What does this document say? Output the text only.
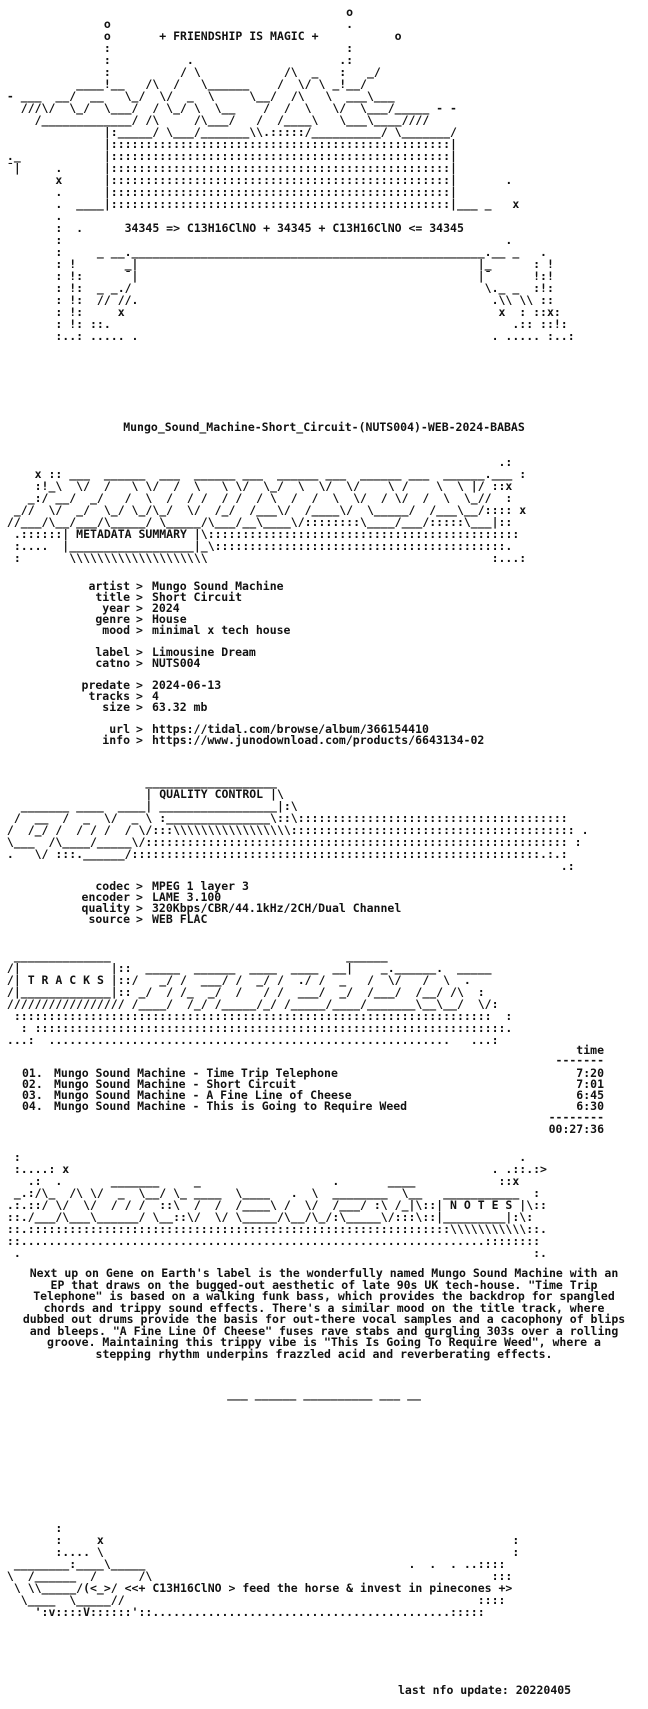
o
o                                  .
o	+ FRIENDSHIP IS MAGIC +	o
:                                  :
:           .                     .:
:          / \            /\  _   :   _/
____!__   /\  /   \______    /  \/ \ _!__/
- ___  __/  __   \_/  \/  _  \     \__/  /\   \  ___\___
///\/  \_/  \___/  / \_/ \  \__    /  /  \   \/  \___/_____ - -
/_____________/ /\     /\___/   /  /____\   \___\____////
|:_____/ \___/_______\\.:::::/__________/ \_______/
|:::::::::::::::::::::::::::::::::::::::::::::::::|
._            |:::::::::::::::::::::::::::::::::::::::::::::::::|
¯|     .      |:::::::::::::::::::::::::::::::::::::::::::::::::|
x      |:::::::::::::::::::::::::::::::::::::::::::::::::|       .
.      |:::::::::::::::::::::::::::::::::::::::::::::::::|
.  ____|:::::::::::::::::::::::::::::::::::::::::::::::::|___ _   x
.
:  .	34345 => C13H16ClNO + 34345 + C13H16ClNO <= 34345
:                                                                .
:     _ __.___________________________________________________.__ _   .
: !       _|                                                 |_      : !
: !:      ¯|                                                 |¯      !:!
: !:  _ _./                                                   \._ _  :!:
: !:  // //.                                                   .\\ \\ ::
: !:     x                                                      x  : ::x:
: !: ::.                                                          .:: ::!:
:..: ..... .                                                   . ..... :..:
Mungo_Sound_Machine-Short_Circuit-(NUTS004)-WEB-2024-BABAS
.:
x :: ___  ______  ___  ______ ___  ______ ___  ______ ___  ______.___ :
:!_\  \/  /   \ \/  /  \   \ \/  \_/  \  \/  \/    \ /    \  \ |/ ::x
_:/ __/  _/   /  \  /  / /  / /  / \  /  /  \  \/  / \/  /  \  \_//  :
_//  \/  _/  \_/ \_/\_/  \/  /_/  /___\/  /____\/  \_____/  /___\__/:::: x
//___/\__/___/\_____/ \_____/\___/__\____\/::::::::\____/___/:::::\___|::
.::::::| METADATA SUMMARY |\:::::::::::::::::::::::::::::::::::::::::::::
:....  |__________________|_\::::::::::::::::::::::::::::::::::::::::::.
:       \\\\\\\\\\\\\\\\\\\\                                         :...:
artist > Mungo Sound Machine
title > Short Circuit
year > 2024
genre > House
mood > minimal x tech house
label > Limousine Dream
catno > NUTS004
predate > 2024-06-13
tracks > 4
size > 63.32 mb
url > https://tidal.com/browse/album/366154410
info > https://www.junodownload.com/products/6643134-02
___________________
| QUALITY CONTROL |\
_______ ____  ____| _________________|:\
/  __  /  _  \/  _ \ :_______________\::\:::::::::::::::::::::::::::::::::::::::
/  /_/ /  / / /  / \/:::\\\\\\\\\\\\\\\\\::::::::::::::::::::::::::::::::::::::::: .
\___  /\____/_____\/::::::::::::::::::::::::::::::::::::::::::::::::::::::::::::: :
.   \/ :::.______/:::::::::::::::::::::::::::::::::::::::::::::::::::::::::::.:.:
.:
codec > MPEG 1 layer 3
encoder > LAME 3.100
quality > 320Kbps/CBR/44.1kHz/2CH/Dual Channel
source > WEB FLAC
______________                                  ______
/|             |::  _____  ______  ____  ____  __|    _.______.  _____
/| T R A C K S |::/   _/ /  ___/ /  _/ /  ./ /  _   /  \/   /  \  .
/|_____________|:: _/  / /_  _/  /   / /  ___/  _/  /___/  /__/ /\  :
///////////////// /____/  /_/ /_____/_/ /_____/____/_______\__\__/  \/:
:::::::::::::::::::::::::::::::::::::::::::::::::::::::::::::::::::::  :
: ::::::::::::::::::::::::::::::::::::::::::::::::::::::::::::::::::::.
...:  ..........................................................   ...:
time
-------
01. Mungo Sound Machine - Time Trip Telephone	7:20
02. Mungo Sound Machine - Short Circuit	7:01
03. Mungo Sound Machine - A Fine Line of Cheese	6:45
04. Mungo Sound Machine - This is Going to Require Weed	6:30
--------
00:27:36
:                                                                        .
:....: x                                                             . .::.:>
.:  .       _______     _                   .       ____            ::x
_.:/\_  /\ \/  _  \__/ \_ ____  \____   .  \  ________  \__   ___________  :
.:.::/ \/  \/  / / /  ::\  /  /  /____\ /  \/  /___/ :\ /_|\::| N O T E S |\::
::./___/\___\______/ \__::\/  \/ \_____/\__/\_/:\_____\/:::\::|_________|:\:
::.:::::::::::::::::::::::::::::::::::::::::::::::::::::::::::::\\\\\\\\\\\::.
::...................................................................::::::::
.                                                                          :.
Next up on Gene on Earth's label is the wonderfully named Mungo Sound Machine with an EP that draws on the bugged-out aesthetic of late 90s UK tech-house. "Time Trip Telephone" is based on a walking funk bass, which provides the backdrop for spangled chords and trippy sound effects. There's a similar mood on the title track, where dubbed out drums provide the basis for out-there vocal samples and a cacophony of blips and bleeps. "A Fine Line Of Cheese" fuses rave stabs and gurgling 303s over a rolling groove. Maintaining this trippy vibe is "This Is Going To Require Weed", where a stepping rhythm underpins frazzled acid and reverberating effects.
___ ______ __________ ___ __
:
:     x                                                           :
:.... \                                                           :
________:____\_____                                      .  .  . ..::::
\  /______  /      /\                                                 :::
\ \\_____/(<_>/ <<+ C13H16ClNO > feed the horse & invest in pinecones +>
\____  \_____//                                                   ::::
':v::::V::::::'::...........................................:::::

last nfo update: 20220405
